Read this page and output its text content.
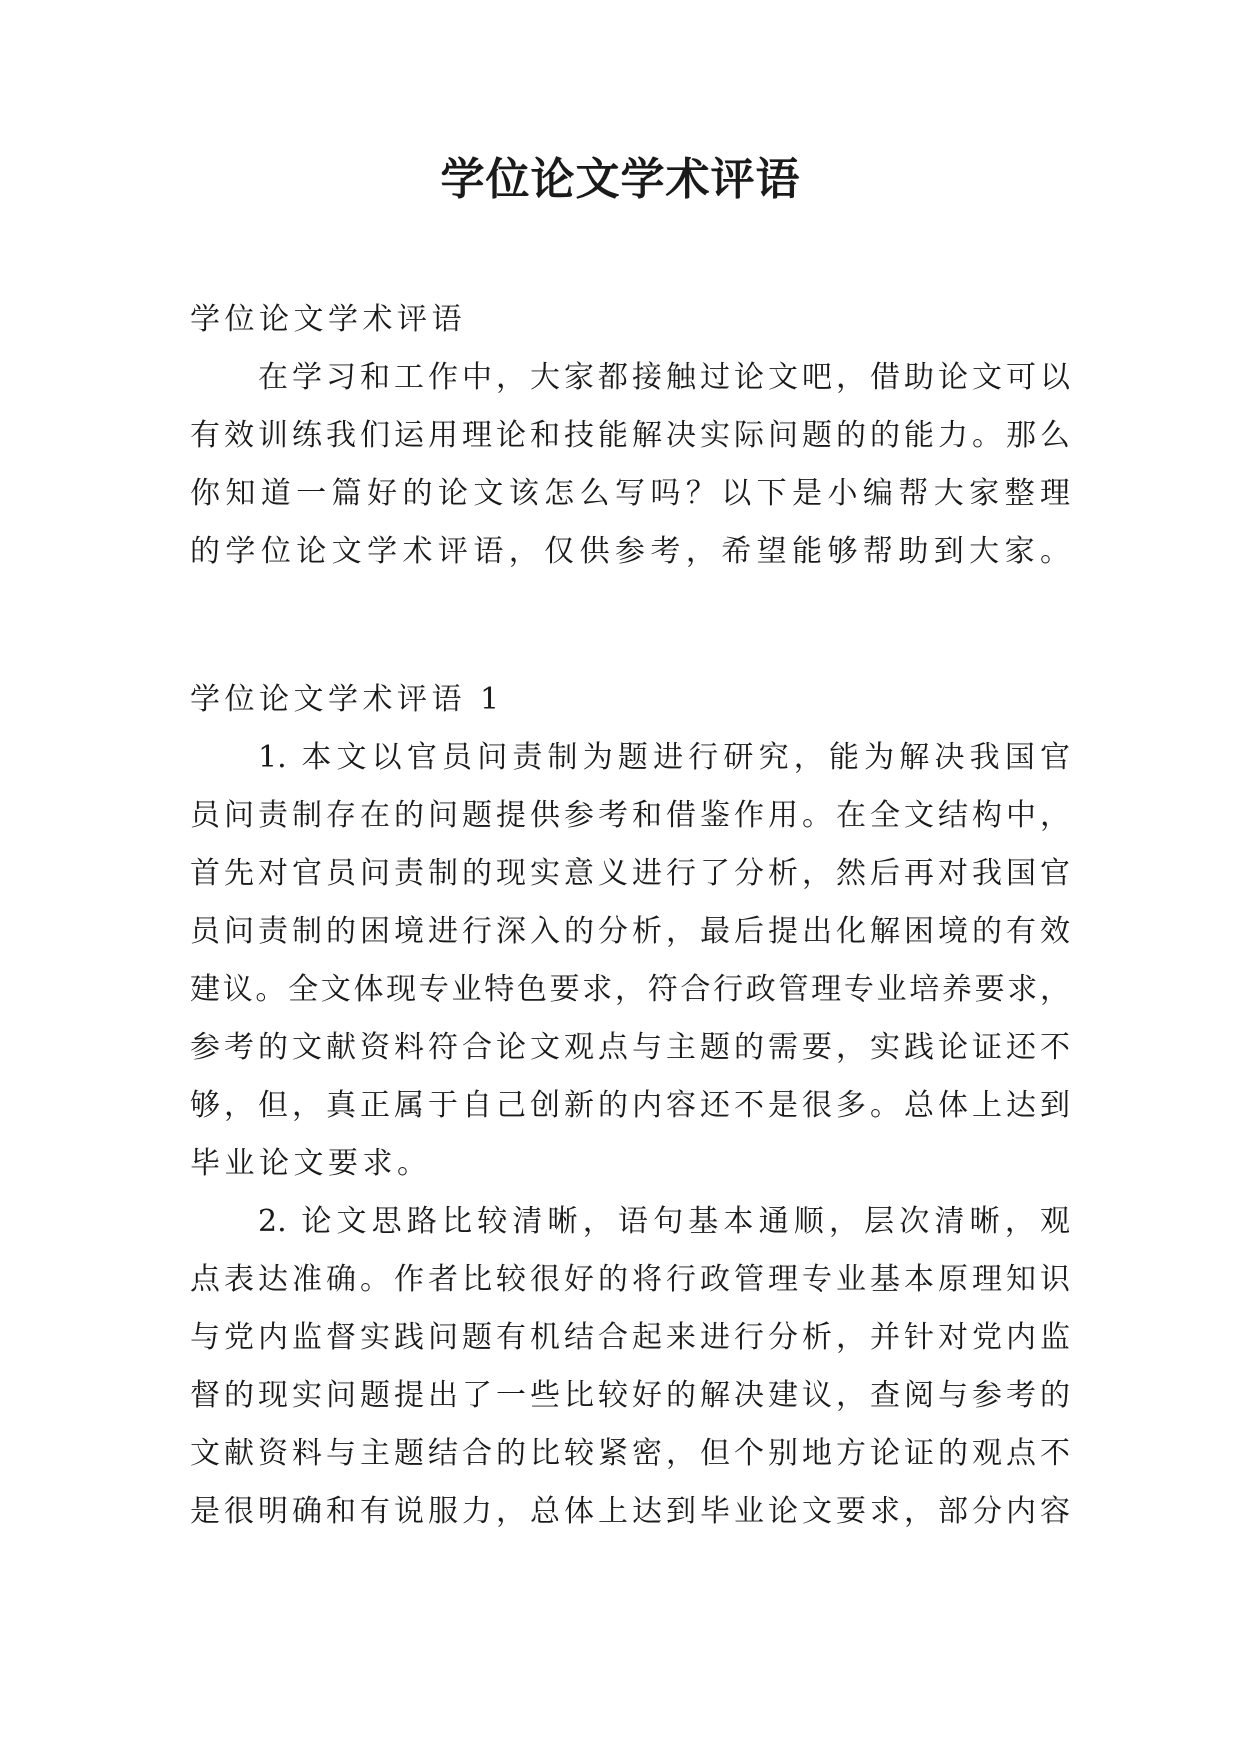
学位论文学术评语

学位论文学术评语

在学习和工作中，大家都接触过论文吧，借助论文可以

有效训练我们运用理论和技能解决实际问题的的能力。那么

你知道一篇好的论文该怎么写吗？以下是小编帮大家整理

的学位论文学术评语，仅供参考，希望能够帮助到大家。

学位论文学术评语 1

1. 本文以官员问责制为题进行研究，能为解决我国官

员问责制存在的问题提供参考和借鉴作用。在全文结构中，

首先对官员问责制的现实意义进行了分析，然后再对我国官

员问责制的困境进行深入的分析，最后提出化解困境的有效

建议。全文体现专业特色要求，符合行政管理专业培养要求，

参考的文献资料符合论文观点与主题的需要，实践论证还不

够，但，真正属于自己创新的内容还不是很多。总体上达到

毕业论文要求。

2. 论文思路比较清晰，语句基本通顺，层次清晰，观

点表达准确。作者比较很好的将行政管理专业基本原理知识

与党内监督实践问题有机结合起来进行分析，并针对党内监

督的现实问题提出了一些比较好的解决建议，查阅与参考的

文献资料与主题结合的比较紧密，但个别地方论证的观点不

是很明确和有说服力，总体上达到毕业论文要求，部分内容
